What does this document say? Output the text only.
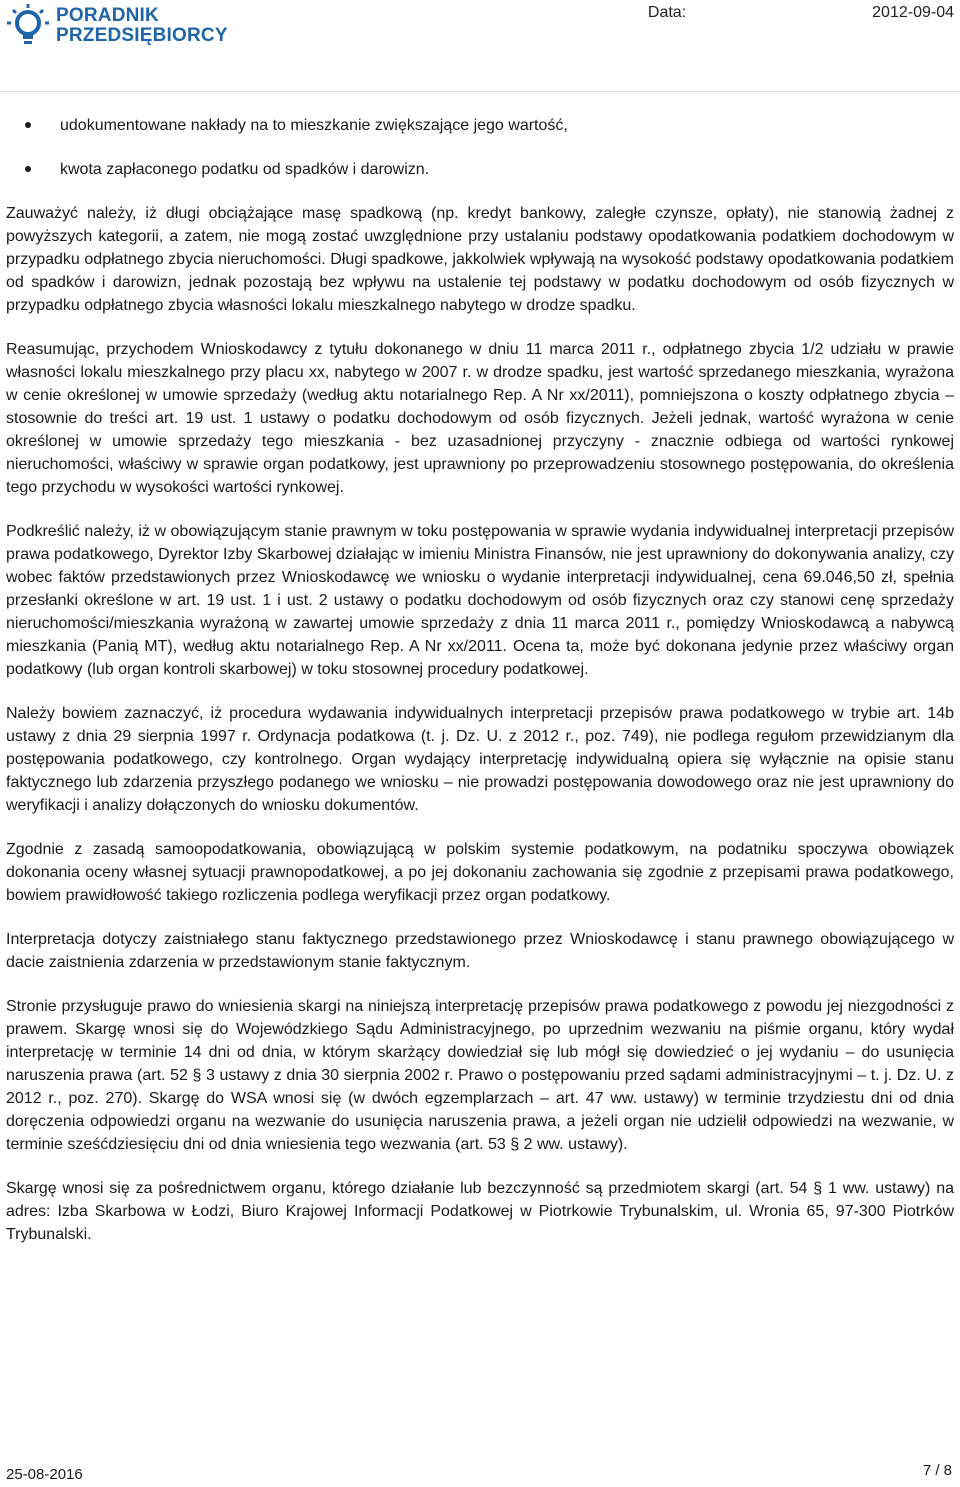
PORADNIK
PRZEDSIĘBIORCY
Data:	2012-09-04
udokumentowane nakłady na to mieszkanie zwiększające jego wartość,
kwota zapłaconego podatku od spadków i darowizn.

Zauważyć należy, iż długi obciążające masę spadkową (np. kredyt bankowy, zaległe czynsze, opłaty), nie stanowią żadnej z powyższych kategorii, a zatem, nie mogą zostać uwzględnione przy ustalaniu podstawy opodatkowania podatkiem dochodowym w przypadku odpłatnego zbycia nieruchomości. Długi spadkowe, jakkolwiek wpływają na wysokość podstawy opodatkowania podatkiem od spadków i darowizn, jednak pozostają bez wpływu na ustalenie tej podstawy w podatku dochodowym od osób fizycznych w przypadku odpłatnego zbycia własności lokalu mieszkalnego nabytego w drodze spadku.

Reasumując, przychodem Wnioskodawcy z tytułu dokonanego w dniu 11 marca 2011 r., odpłatnego zbycia 1/2 udziału w prawie własności lokalu mieszkalnego przy placu xx, nabytego w 2007 r. w drodze spadku, jest wartość sprzedanego mieszkania, wyrażona w cenie określonej w umowie sprzedaży (według aktu notarialnego Rep. A Nr xx/2011), pomniejszona o koszty odpłatnego zbycia – stosownie do treści art. 19 ust. 1 ustawy o podatku dochodowym od osób fizycznych. Jeżeli jednak, wartość wyrażona w cenie określonej w umowie sprzedaży tego mieszkania - bez uzasadnionej przyczyny - znacznie odbiega od wartości rynkowej nieruchomości, właściwy w sprawie organ podatkowy, jest uprawniony po przeprowadzeniu stosownego postępowania, do określenia tego przychodu w wysokości wartości rynkowej.

Podkreślić należy, iż w obowiązującym stanie prawnym w toku postępowania w sprawie wydania indywidualnej interpretacji przepisów prawa podatkowego, Dyrektor Izby Skarbowej działając w imieniu Ministra Finansów, nie jest uprawniony do dokonywania analizy, czy wobec faktów przedstawionych przez Wnioskodawcę we wniosku o wydanie interpretacji indywidualnej, cena 69.046,50 zł, spełnia przesłanki określone w art. 19 ust. 1 i ust. 2 ustawy o podatku dochodowym od osób fizycznych oraz czy stanowi cenę sprzedaży nieruchomości/mieszkania wyrażoną w zawartej umowie sprzedaży z dnia 11 marca 2011 r., pomiędzy Wnioskodawcą a nabywcą mieszkania (Panią MT), według aktu notarialnego Rep. A Nr xx/2011. Ocena ta, może być dokonana jedynie przez właściwy organ podatkowy (lub organ kontroli skarbowej) w toku stosownej procedury podatkowej.

Należy bowiem zaznaczyć, iż procedura wydawania indywidualnych interpretacji przepisów prawa podatkowego w trybie art. 14b ustawy z dnia 29 sierpnia 1997 r. Ordynacja podatkowa (t. j. Dz. U. z 2012 r., poz. 749), nie podlega regułom przewidzianym dla postępowania podatkowego, czy kontrolnego. Organ wydający interpretację indywidualną opiera się wyłącznie na opisie stanu faktycznego lub zdarzenia przyszłego podanego we wniosku – nie prowadzi postępowania dowodowego oraz nie jest uprawniony do weryfikacji i analizy dołączonych do wniosku dokumentów.

Zgodnie z zasadą samoopodatkowania, obowiązującą w polskim systemie podatkowym, na podatniku spoczywa obowiązek dokonania oceny własnej sytuacji prawnopodatkowej, a po jej dokonaniu zachowania się zgodnie z przepisami prawa podatkowego, bowiem prawidłowość takiego rozliczenia podlega weryfikacji przez organ podatkowy.

Interpretacja dotyczy zaistniałego stanu faktycznego przedstawionego przez Wnioskodawcę i stanu prawnego obowiązującego w dacie zaistnienia zdarzenia w przedstawionym stanie faktycznym.

Stronie przysługuje prawo do wniesienia skargi na niniejszą interpretację przepisów prawa podatkowego z powodu jej niezgodności z prawem. Skargę wnosi się do Wojewódzkiego Sądu Administracyjnego, po uprzednim wezwaniu na piśmie organu, który wydał interpretację w terminie 14 dni od dnia, w którym skarżący dowiedział się lub mógł się dowiedzieć o jej wydaniu – do usunięcia naruszenia prawa (art. 52 § 3 ustawy z dnia 30 sierpnia 2002 r. Prawo o postępowaniu przed sądami administracyjnymi – t. j. Dz. U. z 2012 r., poz. 270). Skargę do WSA wnosi się (w dwóch egzemplarzach – art. 47 ww. ustawy) w terminie trzydziestu dni od dnia doręczenia odpowiedzi organu na wezwanie do usunięcia naruszenia prawa, a jeżeli organ nie udzielił odpowiedzi na wezwanie, w terminie sześćdziesięciu dni od dnia wniesienia tego wezwania (art. 53 § 2 ww. ustawy).

Skargę wnosi się za pośrednictwem organu, którego działanie lub bezczynność są przedmiotem skargi (art. 54 § 1 ww. ustawy) na adres: Izba Skarbowa w Łodzi, Biuro Krajowej Informacji Podatkowej w Piotrkowie Trybunalskim, ul. Wronia 65, 97-300 Piotrków Trybunalski.

25-08-2016	7 / 8
